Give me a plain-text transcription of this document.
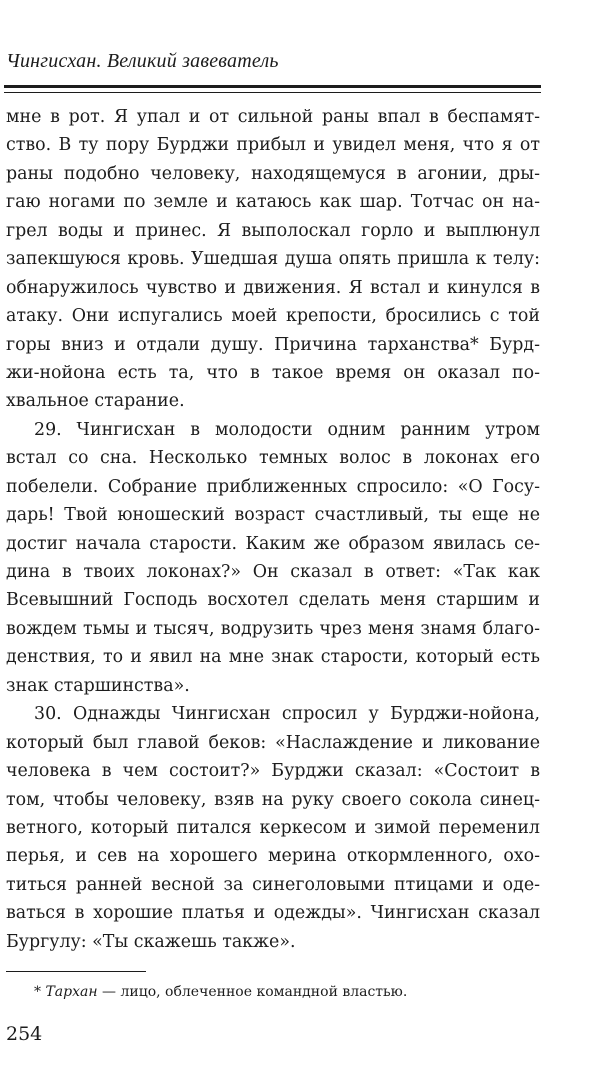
Чингисхан. Великий завеватель
мне в рот. Я упал и от сильной раны впал в беспамят-
ство. В ту пору Бурджи прибыл и увидел меня, что я от
раны подобно человеку, находящемуся в агонии, дры-
гаю ногами по земле и катаюсь как шар. Тотчас он на-
грел воды и принес. Я выполоскал горло и выплюнул
запекшуюся кровь. Ушедшая душа опять пришла к телу:
обнаружилось чувство и движения. Я встал и кинулся в
атаку. Они испугались моей крепости, бросились с той
горы вниз и отдали душу. Причина тарханства* Бурд-
жи-нойона есть та, что в такое время он оказал по-
хвальное старание.
29. Чингисхан в молодости одним ранним утром
встал со сна. Несколько темных волос в локонах его
побелели. Собрание приближенных спросило: «О Госу-
дарь! Твой юношеский возраст счастливый, ты еще не
достиг начала старости. Каким же образом явилась се-
дина в твоих локонах?» Он сказал в ответ: «Так как
Всевышний Господь восхотел сделать меня старшим и
вождем тьмы и тысяч, водрузить чрез меня знамя благо-
денствия, то и явил на мне знак старости, который есть
знак старшинства».
30. Однажды Чингисхан спросил у Бурджи-нойона,
который был главой беков: «Наслаждение и ликование
человека в чем состоит?» Бурджи сказал: «Состоит в
том, чтобы человеку, взяв на руку своего сокола синец-
ветного, который питался керкесом и зимой переменил
перья, и сев на хорошего мерина откормленного, охо-
титься ранней весной за синеголовыми птицами и оде-
ваться в хорошие платья и одежды». Чингисхан сказал
Бургулу: «Ты скажешь также».
* Тархан — лицо, облеченное командной властью.
254
